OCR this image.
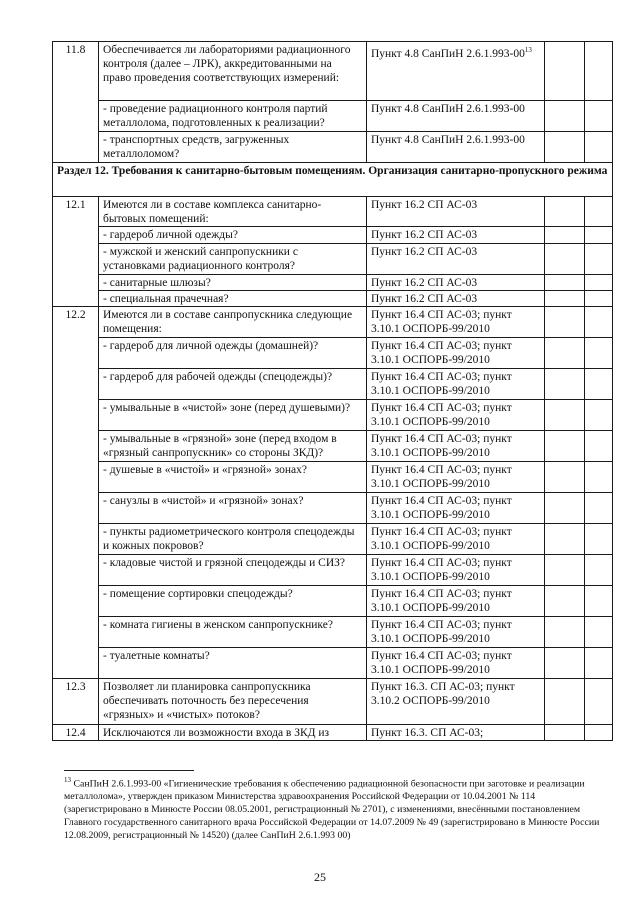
11.8	Обеспечивается ли лабораториями радиационного контроля (далее – ЛРК), аккредитованными на право проведения соответствующих измерений:	Пункт 4.8 СанПиН 2.6.1.993-00$^{13}$		
	- проведение радиационного контроля партий металлолома, подготовленных к реализации?	Пункт 4.8 СанПиН 2.6.1.993-00		
	- транспортных средств, загруженных металлоломом?	Пункт 4.8 СанПиН 2.6.1.993-00		
Раздел 12. Требования к санитарно-бытовым помещениям. Организация санитарно-пропускного режима				
12.1	Имеются ли в составе комплекса санитарно-бытовых помещений:	Пункт 16.2 СП АС-03		
	- гардероб личной одежды?	Пункт 16.2 СП АС-03		
	- мужской и женский санпропускники с установками радиационного контроля?	Пункт 16.2 СП АС-03		
	- санитарные шлюзы?	Пункт 16.2 СП АС-03		
	- специальная прачечная?	Пункт 16.2 СП АС-03		
12.2	Имеются ли в составе санпропускника следующие помещения:	Пункт 16.4 СП АС-03; пункт 3.10.1 ОСПОРБ-99/2010		
	- гардероб для личной одежды (домашней)?	Пункт 16.4 СП АС-03; пункт 3.10.1 ОСПОРБ-99/2010		
	- гардероб для рабочей одежды (спецодежды)?	Пункт 16.4 СП АС-03; пункт 3.10.1 ОСПОРБ-99/2010		
	- умывальные в «чистой» зоне (перед душевыми)?	Пункт 16.4 СП АС-03; пункт 3.10.1 ОСПОРБ-99/2010		
	- умывальные в «грязной» зоне (перед входом в «грязный санпропускник» со стороны ЗКД)?	Пункт 16.4 СП АС-03; пункт 3.10.1 ОСПОРБ-99/2010		
	- душевые в «чистой» и «грязной» зонах?	Пункт 16.4 СП АС-03; пункт 3.10.1 ОСПОРБ-99/2010		
	- санузлы в «чистой» и «грязной» зонах?	Пункт 16.4 СП АС-03; пункт 3.10.1 ОСПОРБ-99/2010		
	- пункты радиометрического контроля спецодежды и кожных покровов?	Пункт 16.4 СП АС-03; пункт 3.10.1 ОСПОРБ-99/2010		
	- кладовые чистой и грязной спецодежды и СИЗ?	Пункт 16.4 СП АС-03; пункт 3.10.1 ОСПОРБ-99/2010		
	- помещение сортировки спецодежды?	Пункт 16.4 СП АС-03; пункт 3.10.1 ОСПОРБ-99/2010		
	- комната гигиены в женском санпропускнике?	Пункт 16.4 СП АС-03; пункт 3.10.1 ОСПОРБ-99/2010		
	- туалетные комнаты?	Пункт 16.4 СП АС-03; пункт 3.10.1 ОСПОРБ-99/2010		
12.3	Позволяет ли планировка санпропускника обеспечивать поточность без пересечения «грязных» и «чистых» потоков?	Пункт 16.3. СП АС-03; пункт 3.10.2 ОСПОРБ-99/2010		
12.4	Исключаются ли возможности входа в ЗКД из	Пункт 16.3. СП АС-03;		
$^{13}$ СанПиН 2.6.1.993-00 «Гигиенические требования к обеспечению радиационной безопасности при заготовке и реализации металлолома», утвержден приказом Министерства здравоохранения Российской Федерации от 10.04.2001 № 114 (зарегистрировано в Минюсте России 08.05.2001, регистрационный № 2701), с изменениями, внесёнными постановлением Главного государственного санитарного врача Российской Федерации от 14.07.2009 № 49 (зарегистрировано в Минюсте России 12.08.2009, регистрационный № 14520) (далее СанПиН 2.6.1.993 00)
25
